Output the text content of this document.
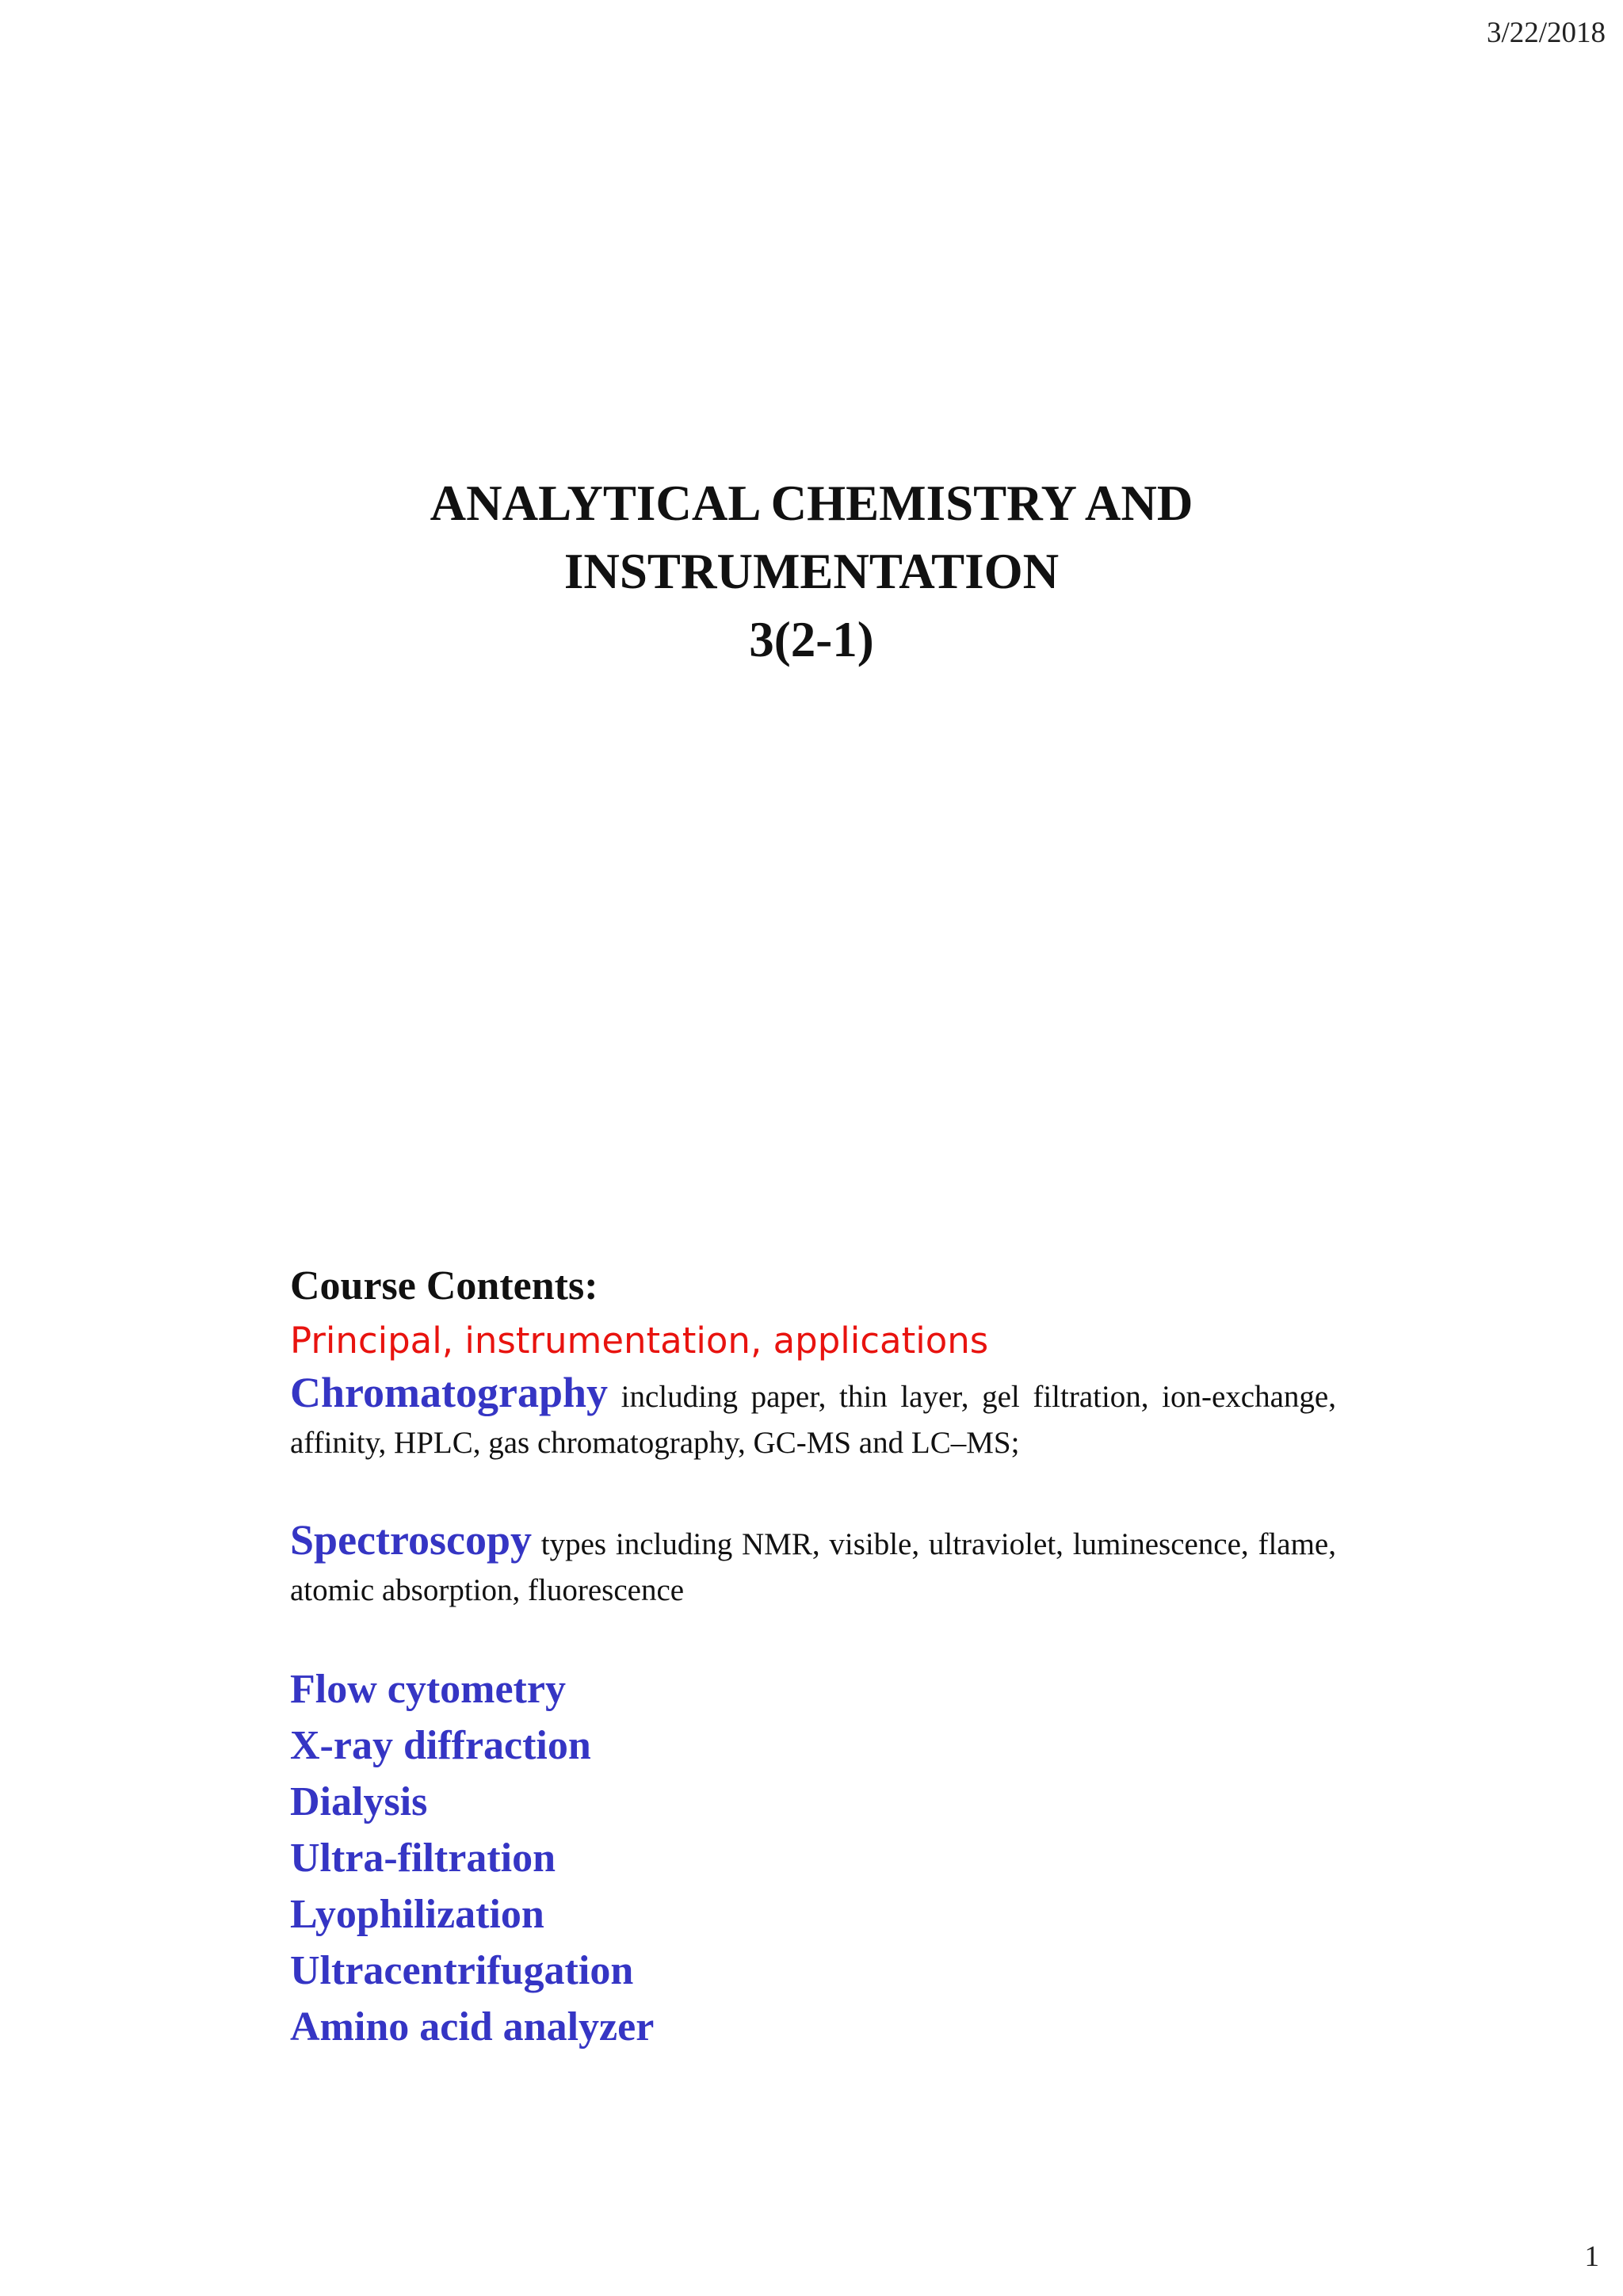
3/22/2018
ANALYTICAL CHEMISTRY AND
INSTRUMENTATION
3(2-1)

Course Contents:

Principal, instrumentation, applications

Chromatography including paper, thin layer, gel filtration, ion-exchange, affinity, HPLC, gas chromatography, GC-MS and LC–MS;

Spectroscopy types including NMR, visible, ultraviolet, luminescence, flame, atomic absorption, fluorescence

Flow cytometry
X-ray diffraction
Dialysis
Ultra-filtration
Lyophilization
Ultracentrifugation
Amino acid analyzer
1
